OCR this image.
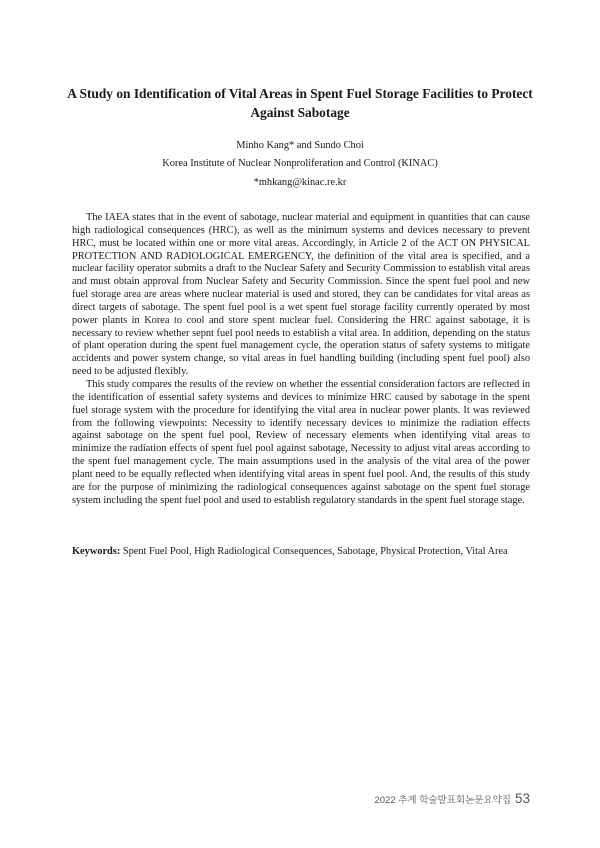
A Study on Identification of Vital Areas in Spent Fuel Storage Facilities to Protect Against Sabotage
Minho Kang* and Sundo Choi
Korea Institute of Nuclear Nonproliferation and Control (KINAC)
*mhkang@kinac.re.kr

The IAEA states that in the event of sabotage, nuclear material and equipment in quantities that can cause high radiological consequences (HRC), as well as the minimum systems and devices necessary to prevent HRC, must be located within one or more vital areas. Accordingly, in Article 2 of the ACT ON PHYSICAL PROTECTION AND RADIOLOGICAL EMERGENCY, the definition of the vital area is specified, and a nuclear facility operator submits a draft to the Nuclear Safety and Security Commission to establish vital areas and must obtain approval from Nuclear Safety and Security Commission. Since the spent fuel pool and new fuel storage area are areas where nuclear material is used and stored, they can be candidates for vital areas as direct targets of sabotage. The spent fuel pool is a wet spent fuel storage facility currently operated by most power plants in Korea to cool and store spent nuclear fuel. Considering the HRC against sabotage, it is necessary to review whether sepnt fuel pool needs to establish a vital area. In addition, depending on the status of plant operation during the spent fuel management cycle, the operation status of safety systems to mitigate accidents and power system change, so vital areas in fuel handling building (including spent fuel pool) also need to be adjusted flexibly.

This study compares the results of the review on whether the essential consideration factors are reflected in the identification of essential safety systems and devices to minimize HRC caused by sabotage in the spent fuel storage system with the procedure for identifying the vital area in nuclear power plants. It was reviewed from the following viewpoints: Necessity to identify necessary devices to minimize the radiation effects against sabotage on the spent fuel pool, Review of necessary elements when identifying vital areas to minimize the radiation effects of spent fuel pool against sabotage, Necessity to adjust vital areas according to the spent fuel management cycle. The main assumptions used in the analysis of the vital area of the power plant need to be equally reflected when identifying vital areas in spent fuel pool. And, the results of this study are for the purpose of minimizing the radiological consequences against sabotage on the spent fuel storage system including the spent fuel pool and used to establish regulatory standards in the spent fuel storage stage.

Keywords: Spent Fuel Pool, High Radiological Consequences, Sabotage, Physical Protection, Vital Area
2022 추계 학술발표회논문요약집 53
